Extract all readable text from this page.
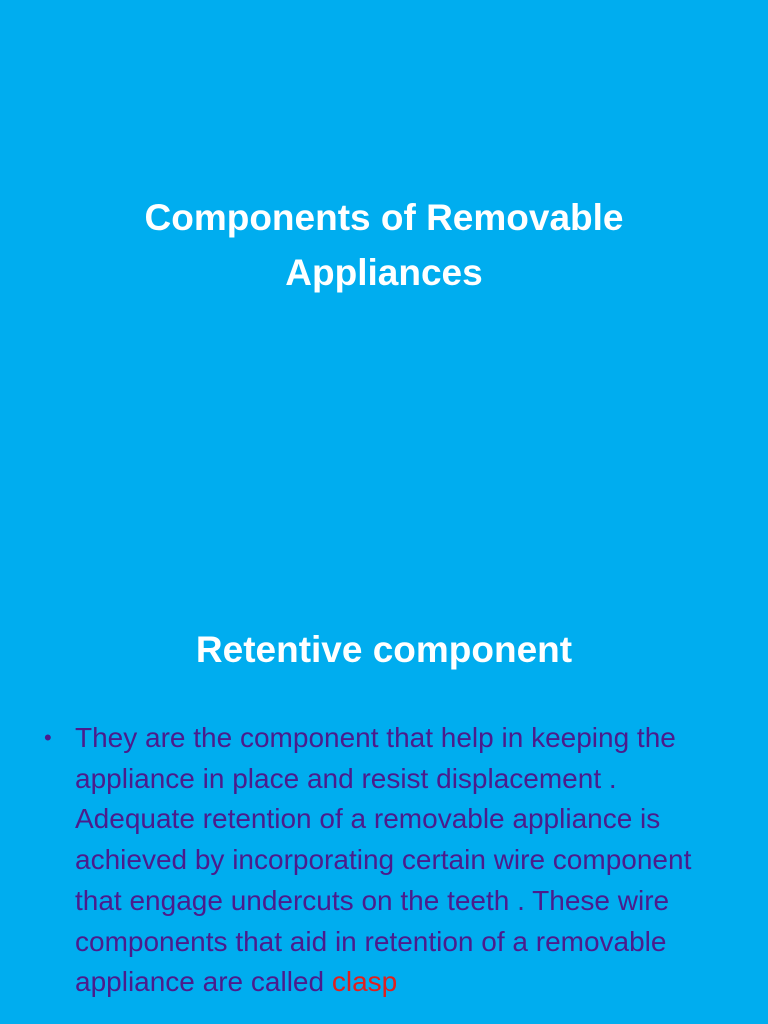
Components of Removable Appliances
Retentive component
• They are the component that help in keeping the appliance in place and resist displacement . Adequate retention of a removable appliance is achieved by incorporating certain wire component that engage undercuts on the teeth . These wire components that aid in retention of a removable appliance are called clasp
